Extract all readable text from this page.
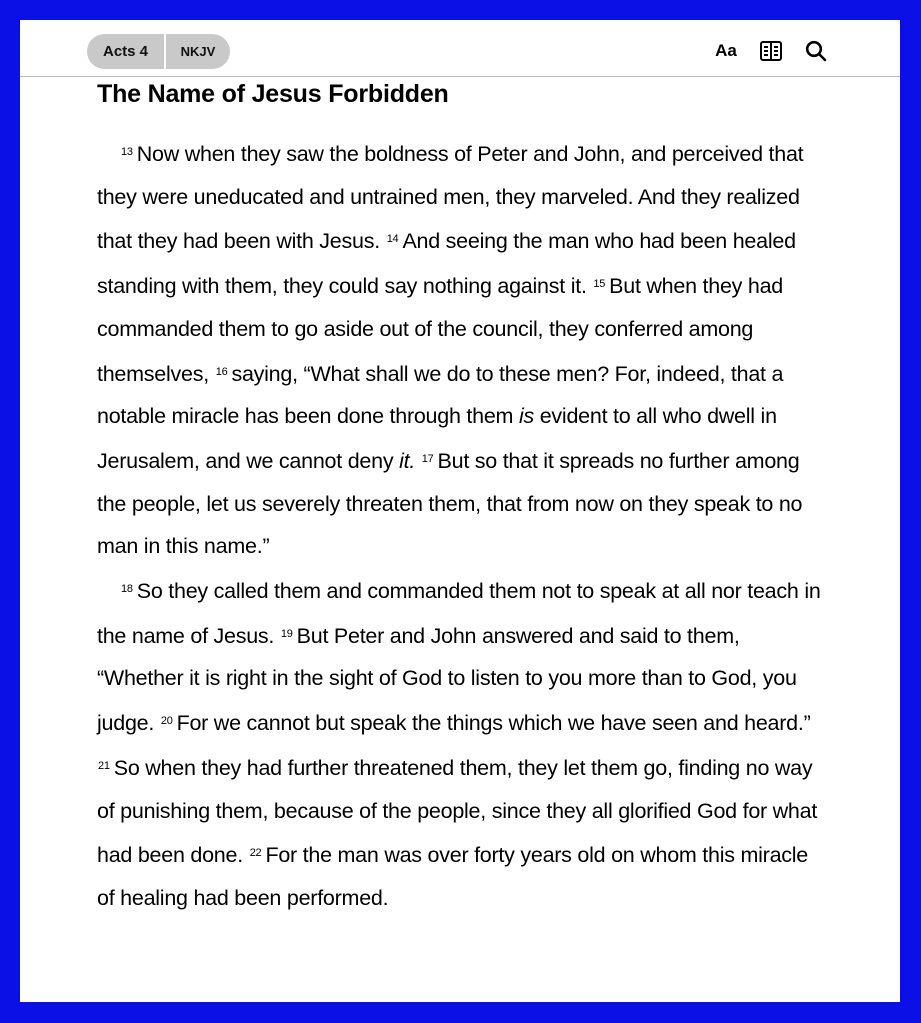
Acts 4	NKJV	Aa
The Name of Jesus Forbidden

$^{13}$ Now when they saw the boldness of Peter and John, and perceived that they were uneducated and untrained men, they marveled. And they realized that they had been with Jesus. $^{14}$ And seeing the man who had been healed standing with them, they could say nothing against it. $^{15}$ But when they had commanded them to go aside out of the council, they conferred among themselves, $^{16}$ saying, “What shall we do to these men? For, indeed, that a notable miracle has been done through them is evident to all who dwell in Jerusalem, and we cannot deny it. $^{17}$ But so that it spreads no further among the people, let us severely threaten them, that from now on they speak to no man in this name.”

$^{18}$ So they called them and commanded them not to speak at all nor teach in the name of Jesus. $^{19}$ But Peter and John answered and said to them, “Whether it is right in the sight of God to listen to you more than to God, you judge. $^{20}$ For we cannot but speak the things which we have seen and heard.” $^{21}$ So when they had further threatened them, they let them go, finding no way of punishing them, because of the people, since they all glorified God for what had been done. $^{22}$ For the man was over forty years old on whom this miracle of healing had been performed.
